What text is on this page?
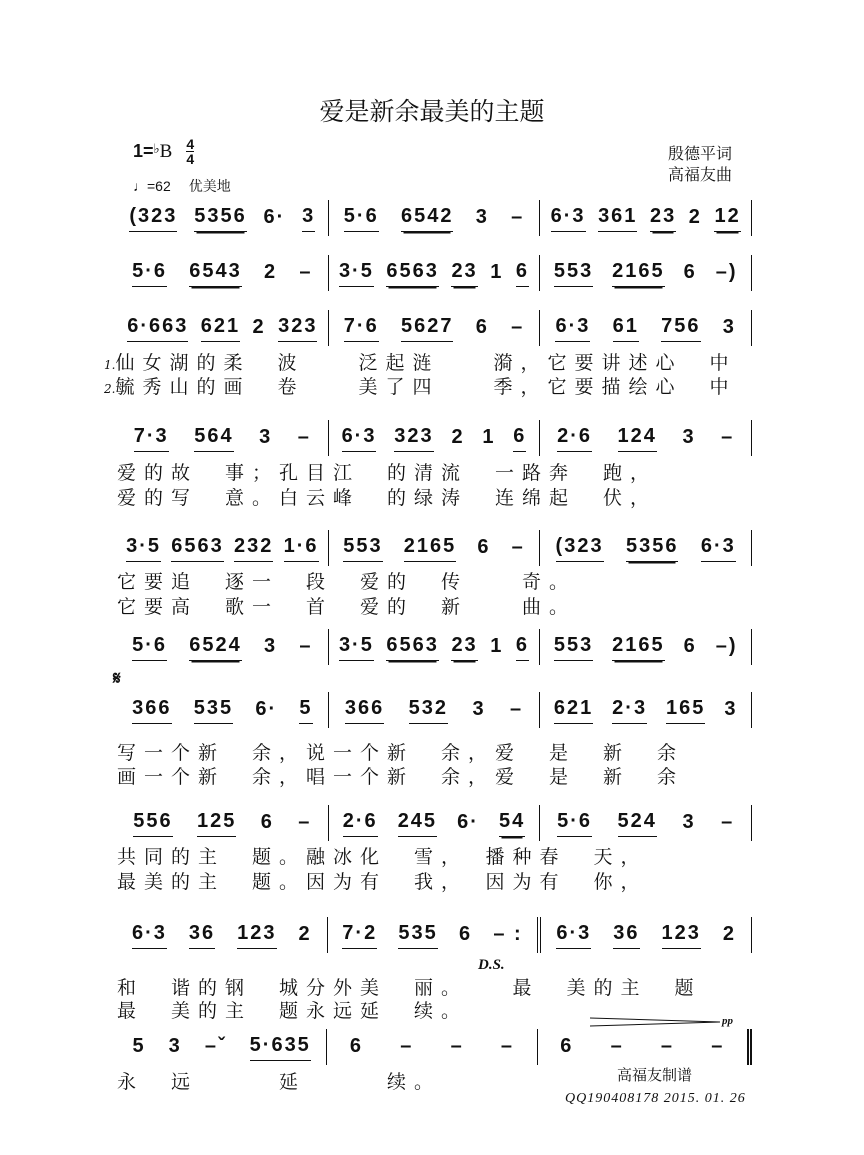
爱是新余最美的主题
$1=^♭B \frac{4}{4}$
♩=62 优美地
殷德平词
高福友曲
(323 5356 6· 3 5·6 6542 3 – 6·3 361 23 2 12
5·6 6543 2 – 3·5 6563 23 1 6 553 2165 6 –)
6·663 621 2 323 7·6 5627 6 – 6·3 61 756 3
1.仙女湖的柔　波　　泛起涟　　漪，它要讲述心　中
2.毓秀山的画　卷　　美了四　　季，它要描绘心　中
7·3 564 3 – 6·3 323 2 1 6 2·6 124 3 –
爱的故　事；孔目江　的清流　一路奔　跑，
爱的写　意。白云峰　的绿涛　连绵起　伏，
3·5 6563 232 1·6 553 2165 6 – (323 5356 6·3
它要追　逐一　段　爱的　传　　奇。
它要高　歌一　首　爱的　新　　曲。
5·6 6524 3 – 3·5 6563 23 1 6 553 2165 6 –)
366 535 6· 5 366 532 3 – 621 2·3 165 3
写一个新　余，说一个新　余，爱　是　新　余
画一个新　余，唱一个新　余，爱　是　新　余
556 125 6 – 2·6 245 6· 54 5·6 524 3 –
共同的主　题。融冰化　雪，　播种春　天，
最美的主　题。因为有　我，　因为有　你，
6·3 36 123 2 7·2 535 6 – : 6·3 36 123 2
和　谐的钢　城分外美　丽。　　最　美的主　题
最　美的主　题永远延　续。
5 3 –ˇ 5·635 6 – – – 6 – – –
永　远　　　延　　　续。
𝄋
D.S.
pp
高福友制谱
QQ190408178 2015. 01. 26
